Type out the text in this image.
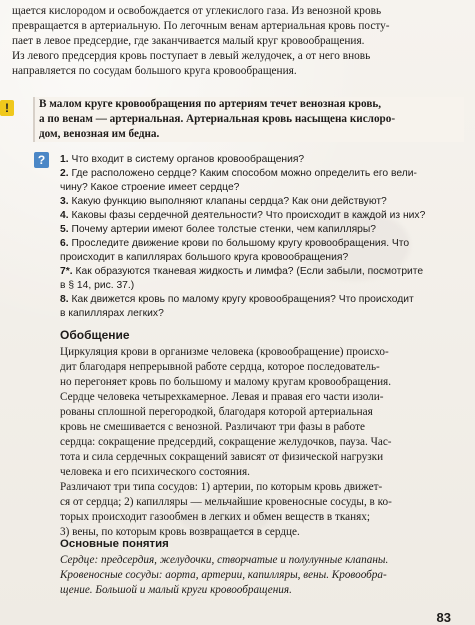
щается кислородом и освобождается от углекислого газа. Из венозной кровь
превращается в артериальную. По легочным венам артериальная кровь посту-
пает в левое предсердие, где заканчивается малый круг кровообращения.
Из левого предсердия кровь поступает в левый желудочек, а от него вновь
направляется по сосудам большого круга кровообращения.
!	В малом круге кровообращения по артериям течет венозная кровь,
а по венам — артериальная. Артериальная кровь насыщена кислоро-
дом, венозная им бедна.
?	1. Что входит в систему органов кровообращения?
2. Где расположено сердце? Каким способом можно определить его вели-
чину? Какое строение имеет сердце?
3. Какую функцию выполняют клапаны сердца? Как они действуют?
4. Каковы фазы сердечной деятельности? Что происходит в каждой из них?
5. Почему артерии имеют более толстые стенки, чем капилляры?
6. Проследите движение крови по большому кругу кровообращения. Что
происходит в капиллярах большого круга кровообращения?
7*. Как образуются тканевая жидкость и лимфа? (Если забыли, посмотрите
в § 14, рис. 37.)
8. Как движется кровь по малому кругу кровообращения? Что происходит
в капиллярах легких?
Обобщение
Циркуляция крови в организме человека (кровообращение) происхо-
дит благодаря непрерывной работе сердца, которое последователь-
но перегоняет кровь по большому и малому кругам кровообращения.
Сердце человека четырехкамерное. Левая и правая его части изоли-
рованы сплошной перегородкой, благодаря которой артериальная
кровь не смешивается с венозной. Различают три фазы в работе
сердца: сокращение предсердий, сокращение желудочков, пауза. Час-
тота и сила сердечных сокращений зависят от физической нагрузки
человека и его психического состояния.
Различают три типа сосудов: 1) артерии, по которым кровь движет-
ся от сердца; 2) капилляры — мельчайшие кровеносные сосуды, в ко-
торых происходит газообмен в легких и обмен веществ в тканях;
3) вены, по которым кровь возвращается в сердце.
Основные понятия
Сердце: предсердия, желудочки, створчатые и полулунные клапаны.
Кровеносные сосуды: аорта, артерии, капилляры, вены. Кровообра-
щение. Большой и малый круги кровообращения.
83
